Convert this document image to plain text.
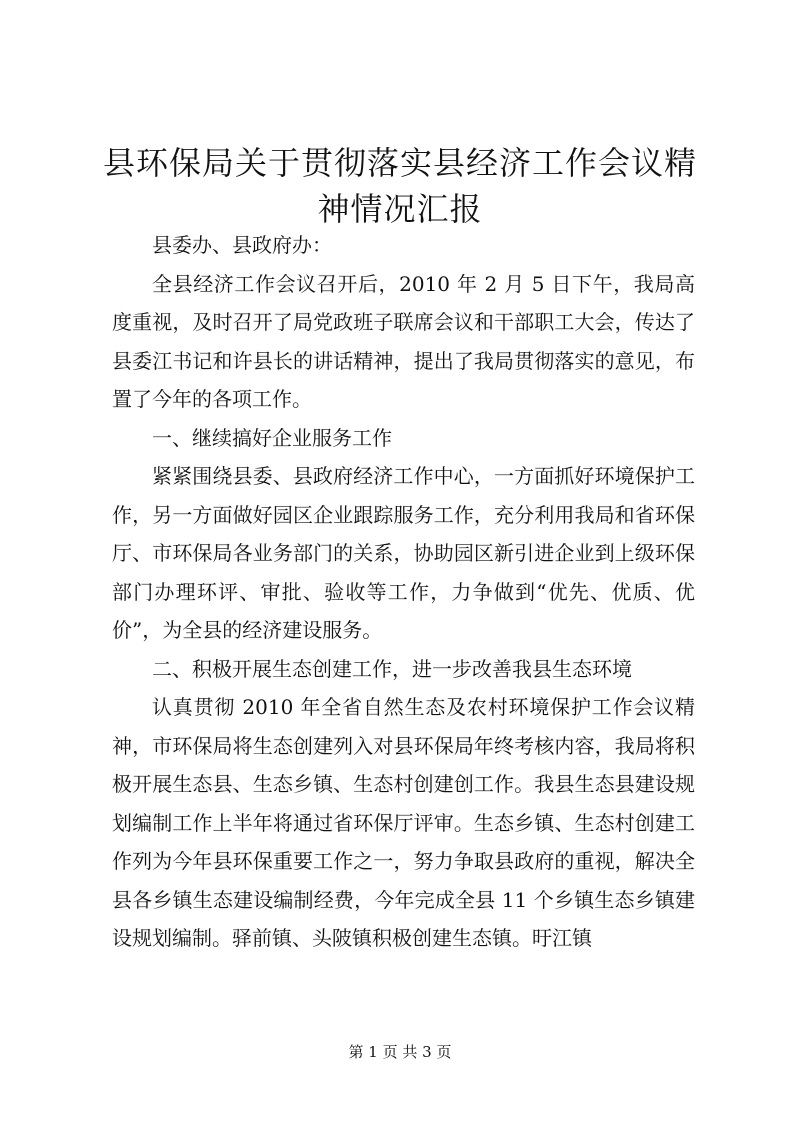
县环保局关于贯彻落实县经济工作会议精神情况汇报

县委办、县政府办：

全县经济工作会议召开后，2010 年 2 月 5 日下午，我局高度重视，及时召开了局党政班子联席会议和干部职工大会，传达了县委江书记和许县长的讲话精神，提出了我局贯彻落实的意见，布置了今年的各项工作。

一、继续搞好企业服务工作

紧紧围绕县委、县政府经济工作中心，一方面抓好环境保护工作，另一方面做好园区企业跟踪服务工作，充分利用我局和省环保厅、市环保局各业务部门的关系，协助园区新引进企业到上级环保部门办理环评、审批、验收等工作，力争做到“优先、优质、优价”，为全县的经济建设服务。

二、积极开展生态创建工作，进一步改善我县生态环境

认真贯彻 2010 年全省自然生态及农村环境保护工作会议精神，市环保局将生态创建列入对县环保局年终考核内容，我局将积极开展生态县、生态乡镇、生态村创建创工作。我县生态县建设规划编制工作上半年将通过省环保厅评审。生态乡镇、生态村创建工作列为今年县环保重要工作之一，努力争取县政府的重视，解决全县各乡镇生态建设编制经费，今年完成全县 11 个乡镇生态乡镇建设规划编制。驿前镇、头陂镇积极创建生态镇。旴江镇

第 1 页 共 3 页
